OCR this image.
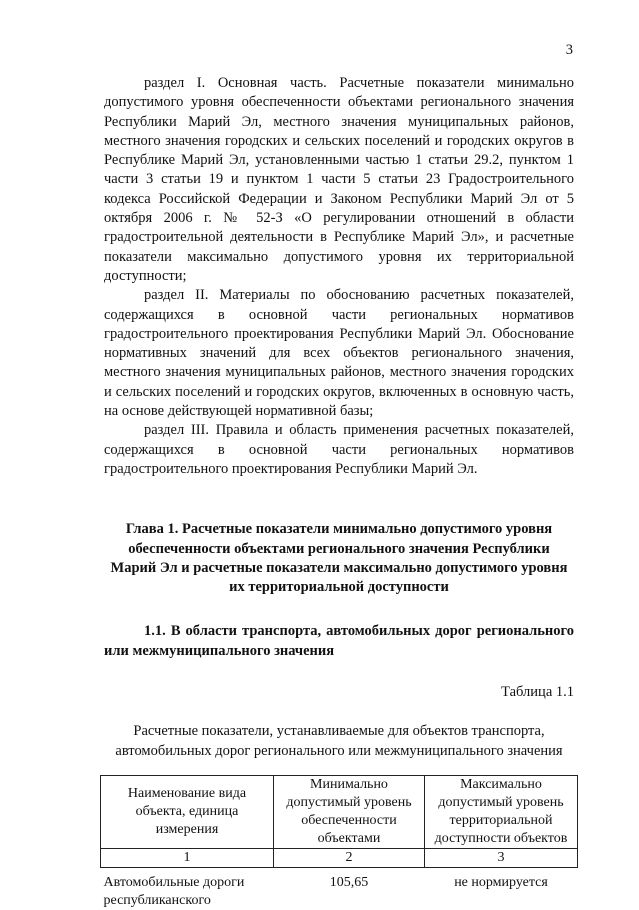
3

раздел I. Основная часть. Расчетные показатели минимально допустимого уровня обеспеченности объектами регионального значения Республики Марий Эл, местного значения муниципальных районов, местного значения городских и сельских поселений и городских округов в Республике Марий Эл, установленными частью 1 статьи 29.2, пунктом 1 части 3 статьи 19 и пунктом 1 части 5 статьи 23 Градостроительного кодекса Российской Федерации и Законом Республики Марий Эл от 5 октября 2006 г. № 52-З «О регулировании отношений в области градостроительной деятельности в Республике Марий Эл», и расчетные показатели максимально допустимого уровня их территориальной доступности;

раздел II. Материалы по обоснованию расчетных показателей, содержащихся в основной части региональных нормативов градостроительного проектирования Республики Марий Эл. Обоснование нормативных значений для всех объектов регионального значения, местного значения муниципальных районов, местного значения городских и сельских поселений и городских округов, включенных в основную часть, на основе действующей нормативной базы;

раздел III. Правила и область применения расчетных показателей, содержащихся в основной части региональных нормативов градостроительного проектирования Республики Марий Эл.

Глава 1. Расчетные показатели минимально допустимого уровня обеспеченности объектами регионального значения Республики Марий Эл и расчетные показатели максимально допустимого уровня их территориальной доступности

1.1. В области транспорта, автомобильных дорог регионального или межмуниципального значения

Таблица 1.1

Расчетные показатели, устанавливаемые для объектов транспорта, автомобильных дорог регионального или межмуниципального значения

Наименование вида объекта, единица измерения	Минимально допустимый уровень обеспеченности объектами	Максимально допустимый уровень территориальной доступности объектов
1	2	3
Автомобильные дороги республиканского	105,65	не нормируется
